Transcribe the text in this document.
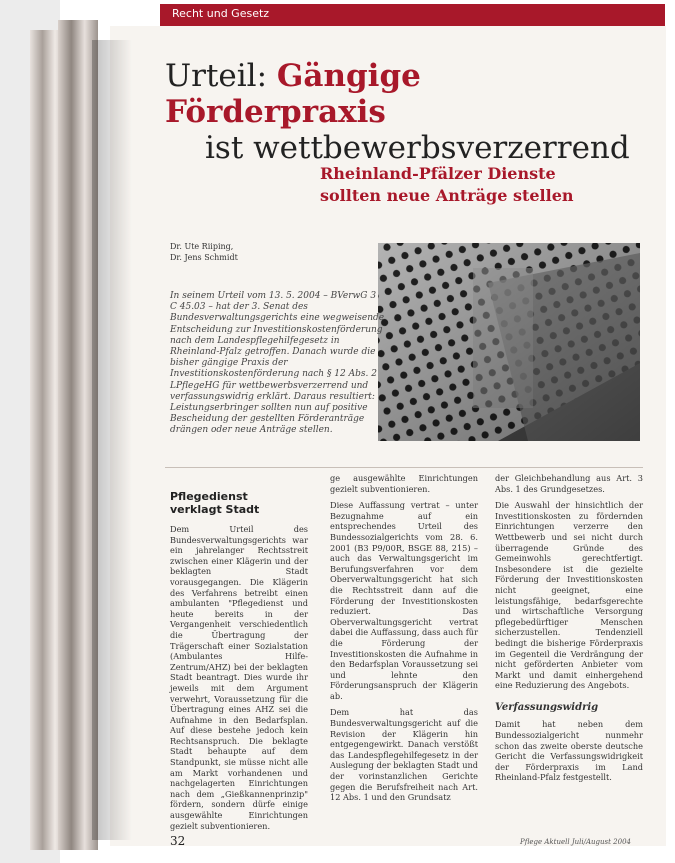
Recht und Gesetz
Urteil: Gängige Förderpraxis
ist wettbewerbsverzerrend
Rheinland-Pfälzer Dienste
sollten neue Anträge stellen
Dr. Ute Riiping,
Dr. Jens Schmidt
In seinem Urteil vom 13. 5. 2004 – BVerwG 3 C 45.03 – hat der 3. Senat des Bundesverwaltungsgerichts eine wegweisende Entscheidung zur Investitionskostenförderung nach dem Landespflegehilfegesetz in Rheinland-Pfalz getroffen. Danach wurde die bisher gängige Praxis der Investitionskostenförderung nach § 12 Abs. 2 LPflegeHG für wettbewerbsverzerrend und verfassungswidrig erklärt. Daraus resultiert: Leistungserbringer sollten nun auf positive Bescheidung der gestellten Förderanträge drängen oder neue Anträge stellen.
Pflegedienst
verklagt Stadt

Dem Urteil des Bundesverwaltungsgerichts war ein jahrelanger Rechtsstreit zwischen einer Klägerin und der beklagten Stadt vorausgegangen. Die Klägerin des Verfahrens betreibt einen ambulanten "Pflegedienst und heute bereits in der Vergangenheit verschiedentlich die Übertragung der Trägerschaft einer Sozialstation (Ambulantes Hilfe-Zentrum/AHZ) bei der beklagten Stadt beantragt. Dies wurde ihr jeweils mit dem Argument verwehrt, Voraussetzung für die Übertragung eines AHZ sei die Aufnahme in den Bedarfsplan. Auf diese bestehe jedoch kein Rechtsanspruch. Die beklagte Stadt behaupte auf dem Standpunkt, sie müsse nicht alle am Markt vorhandenen und nachgelagerten Einrichtungen nach dem „Gießkannenprinzip" fördern, sondern dürfe einige ausgewählte Einrichtungen gezielt subventionieren.

ge ausgewählte Einrichtungen gezielt subventionieren.

Diese Auffassung vertrat – unter Bezugnahme auf ein entsprechendes Urteil des Bundessozialgerichts vom 28. 6. 2001 (B3 P9/00R, BSGE 88, 215) – auch das Verwaltungsgericht im Berufungsverfahren vor dem Oberverwaltungsgericht hat sich die Rechtsstreit dann auf die Förderung der Investitionskosten reduziert. Das Oberverwaltungsgericht vertrat dabei die Auffassung, dass auch für die Förderung der Investitionskosten die Aufnahme in den Bedarfsplan Voraussetzung sei und lehnte den Förderungsanspruch der Klägerin ab.

Dem hat das Bundesverwaltungsgericht auf die Revision der Klägerin hin entgegengewirkt. Danach verstößt das Landespflegehilfegesetz in der Auslegung der beklagten Stadt und der vorinstanzlichen Gerichte gegen die Berufsfreiheit nach Art. 12 Abs. 1 und den Grundsatz

der Gleichbehandlung aus Art. 3 Abs. 1 des Grundgesetzes.

Die Auswahl der hinsichtlich der Investitionskosten zu fördernden Einrichtungen verzerre den Wettbewerb und sei nicht durch überragende Gründe des Gemeinwohls gerechtfertigt. Insbesondere ist die gezielte Förderung der Investitionskosten nicht geeignet, eine leistungsfähige, bedarfsgerechte und wirtschaftliche Versorgung pflegebedürftiger Menschen sicherzustellen. Tendenziell bedingt die bisherige Förderpraxis im Gegenteil die Verdrängung der nicht geförderten Anbieter vom Markt und damit einhergehend eine Reduzierung des Angebots.

Verfassungswidrig

Damit hat neben dem Bundessozialgericht nunmehr schon das zweite oberste deutsche Gericht die Verfassungswidrigkeit der Förderpraxis im Land Rheinland-Pfalz festgestellt.

32	Pflege Aktuell Juli/August 2004
